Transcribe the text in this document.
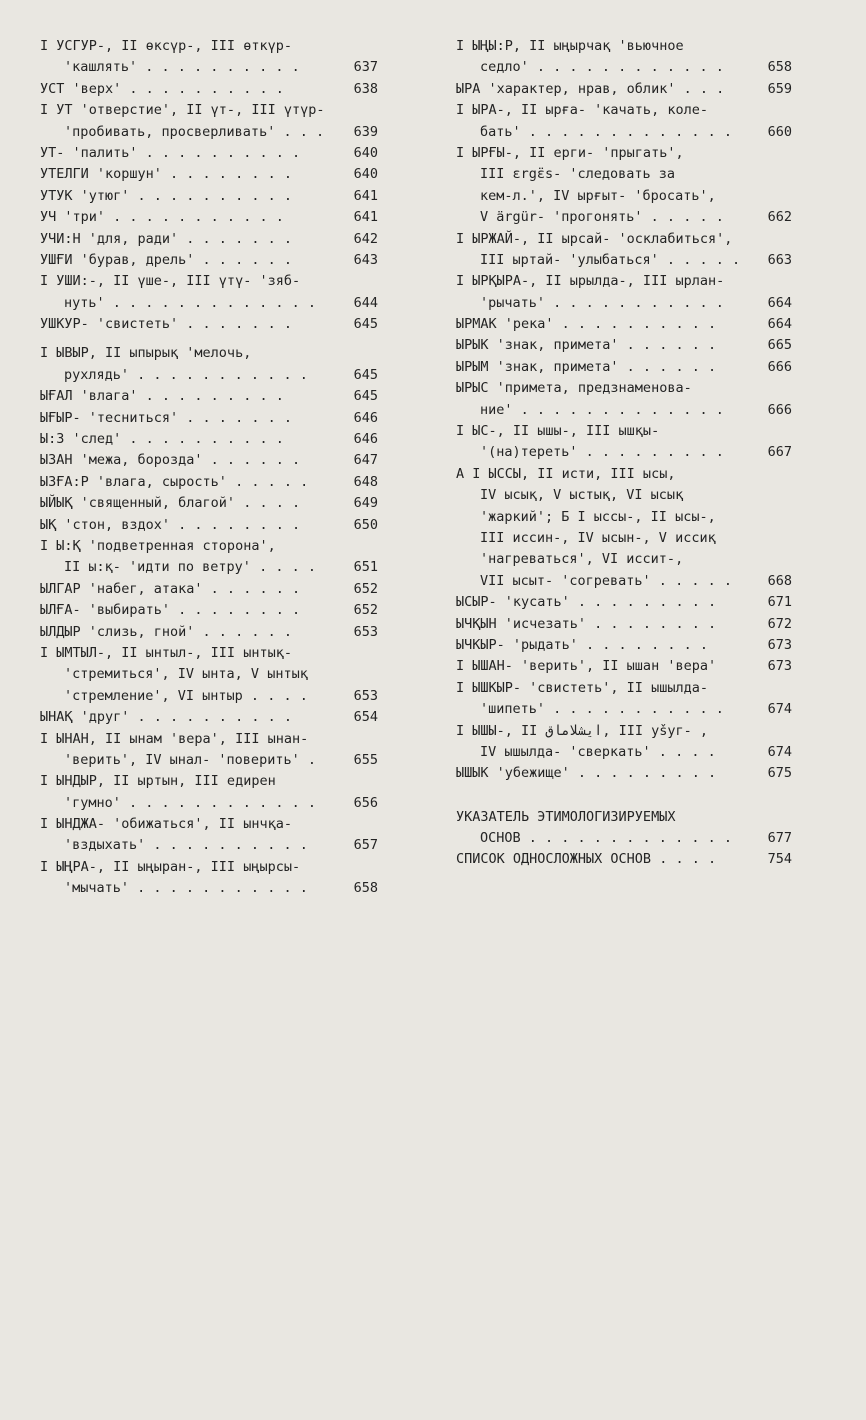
I УСГУР-, II өксүр-, III өткүр-
'кашлять' . . . . . . . . . .	637
УСТ 'верх' . . . . . . . . . .	638
I УТ 'отверстие', II үт-, III үтүр-
'пробивать, просверливать' . . . 639
УТ- 'палить' . . . . . . . . . .	640
УТЕЛГИ 'коршун' . . . . . . . .	640
УТУК 'утюг' . . . . . . . . . .	641
УЧ 'три' . . . . . . . . . . .	641
УЧИ:Н 'для, ради' . . . . . . .	642
УШҒИ 'бурав, дрель' . . . . . .	643
I УШИ:-, II үше-, III үтү- 'зяб-
нуть' . . . . . . . . . . . . .	644
УШКУР- 'свистеть' . . . . . . .	645
I ЫВЫР, II ыпырық 'мелочь,
рухлядь' . . . . . . . . . . .	645
ЫҒАЛ 'влага' . . . . . . . . .	645
ЫҒЫР- 'тесниться' . . . . . . .	646
Ы:З 'след' . . . . . . . . . .	646
ЫЗАН 'межа, борозда' . . . . . .	647
ЫЗҒА:Р 'влага, сырость' . . . . .	648
ЫЙЫҚ 'священный, благой' . . . .	649
ЫҚ 'стон, вздох' . . . . . . . .	650
I Ы:Қ 'подветренная сторона',
II ы:қ- 'идти по ветру' . . . .	651
ЫЛГАР 'набег, атака' . . . . . .	652
ЫЛҒА- 'выбирать' . . . . . . . .	652
ЫЛДЫР 'слизь, гной' . . . . . .	653
I ЫМТЫЛ-, II ынтыл-, III ынтық-
'стремиться', IV ынта, V ынтық
'стремление', VI ынтыр . . . .	653
ЫНАҚ 'друг' . . . . . . . . . .	654
I ЫНАН, II ынам 'вера', III ынан-
'верить', IV ынал- 'поверить' .	655
I ЫНДЫР, II ыртын, III едирен
'гумно' . . . . . . . . . . . .	656
I ЫНДЖА- 'обижаться', II ынчқа-
'вздыхать' . . . . . . . . . .	657
I ЫҢРА-, II ыңыран-, III ыңырсы-
'мычать' . . . . . . . . . . .	658
I ЫҢЫ:Р, II ыңырчақ 'вьючное
седло' . . . . . . . . . . . .	658
ЫРА 'характер, нрав, облик' . . .	659
I ЫРА-, II ырға- 'качать, коле-
бать' . . . . . . . . . . . . .	660
I ЫРҒЫ-, II ерги- 'прыгать',
III ɛrgɛ̈s- 'следовать за
кем-л.', IV ырғыт- 'бросать',
V ärgür- 'прогонять' . . . . .	662
I ЫРЖАЙ-, II ырсай- 'осклабиться',
III ыртай- 'улыбаться' . . . . . 663
I ЫРҚЫРА-, II ырылда-, III ырлан-
'рычать' . . . . . . . . . . .	664
ЫРМАК 'река' . . . . . . . . . .	664
ЫРЫК 'знак, примета' . . . . . .	665
ЫРЫМ 'знак, примета' . . . . . .	666
ЫРЫС 'примета, предзнаменова-
ние' . . . . . . . . . . . . .	666
I ЫС-, II ышы-, III ышқы-
'(на)тереть' . . . . . . . . .	667
А I ЫССЫ, II исти, III ысы,
IV ысық, V ыстық, VI ысық
'жаркий'; Б I ыссы-, II ысы-,
III иссин-, IV ысын-, V иссиқ
'нагреваться', VI иссит-,
VII ысыт- 'согревать' . . . . .	668
ЫСЫР- 'кусать' . . . . . . . . .	671
ЫЧҚЫН 'исчезать' . . . . . . . .	672
ЫЧКЫР- 'рыдать' . . . . . . . .	673
I ЫШАН- 'верить', II ышан 'вера'	673
I ЫШКЫР- 'свистеть', II ышылда-
'шипеть' . . . . . . . . . . .	674
I ЫШЫ-, II ایشلاماق, III yšуг- ,
IV ышылда- 'сверкать' . . . .	674
ЫШЫК 'убежище' . . . . . . . . .	675
УКАЗАТЕЛЬ ЭТИМОЛОГИЗИРУЕМЫХ
ОСНОВ . . . . . . . . . . . . .	677
СПИСОК ОДНОСЛОЖНЫХ ОСНОВ . . . .	754
